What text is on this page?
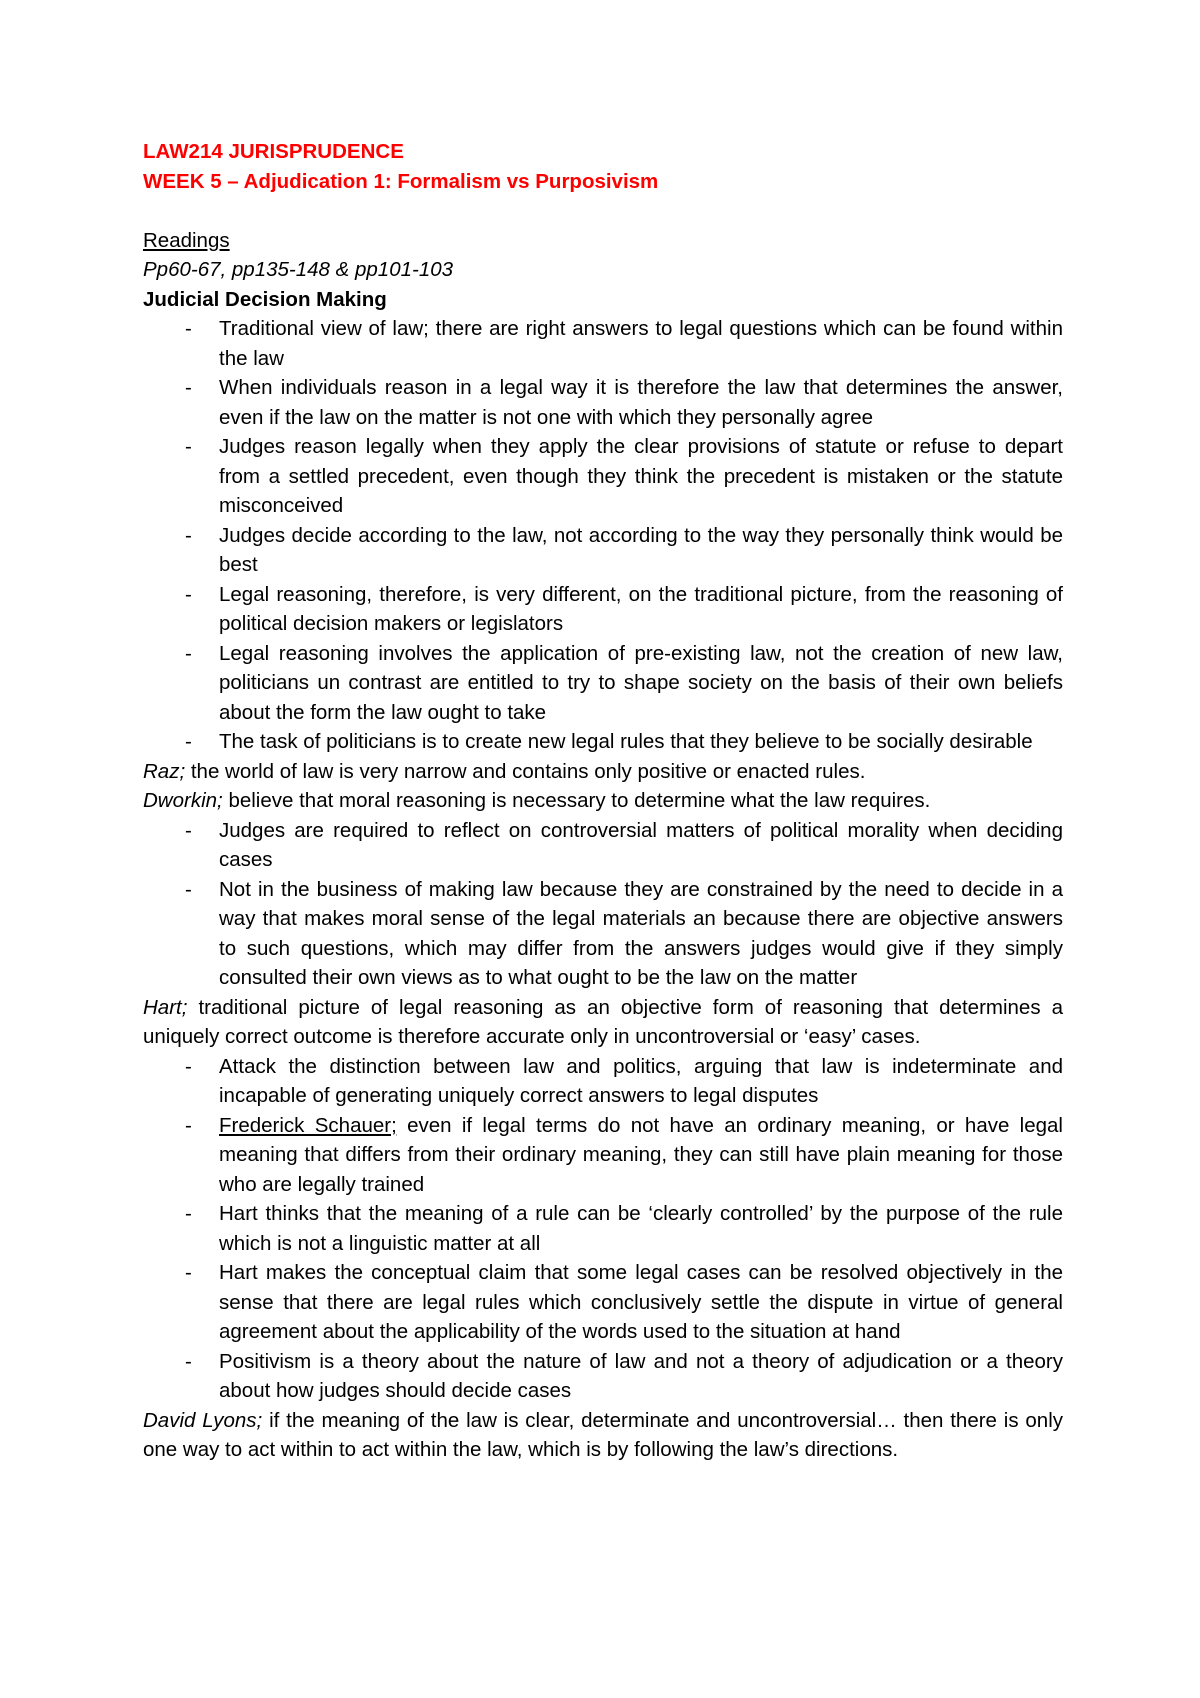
LAW214 JURISPRUDENCE
WEEK 5 – Adjudication 1: Formalism vs Purposivism
Readings
Pp60-67, pp135-148 & pp101-103
Judicial Decision Making
- Traditional view of law; there are right answers to legal questions which can be found within the law
- When individuals reason in a legal way it is therefore the law that determines the answer, even if the law on the matter is not one with which they personally agree
- Judges reason legally when they apply the clear provisions of statute or refuse to depart from a settled precedent, even though they think the precedent is mistaken or the statute misconceived
- Judges decide according to the law, not according to the way they personally think would be best
- Legal reasoning, therefore, is very different, on the traditional picture, from the reasoning of political decision makers or legislators
- Legal reasoning involves the application of pre-existing law, not the creation of new law, politicians un contrast are entitled to try to shape society on the basis of their own beliefs about the form the law ought to take
- The task of politicians is to create new legal rules that they believe to be socially desirable

Raz; the world of law is very narrow and contains only positive or enacted rules.

Dworkin; believe that moral reasoning is necessary to determine what the law requires.

- Judges are required to reflect on controversial matters of political morality when deciding cases
- Not in the business of making law because they are constrained by the need to decide in a way that makes moral sense of the legal materials an because there are objective answers to such questions, which may differ from the answers judges would give if they simply consulted their own views as to what ought to be the law on the matter

Hart; traditional picture of legal reasoning as an objective form of reasoning that determines a uniquely correct outcome is therefore accurate only in uncontroversial or ‘easy’ cases.

- Attack the distinction between law and politics, arguing that law is indeterminate and incapable of generating uniquely correct answers to legal disputes
- Frederick Schauer; even if legal terms do not have an ordinary meaning, or have legal meaning that differs from their ordinary meaning, they can still have plain meaning for those who are legally trained
- Hart thinks that the meaning of a rule can be ‘clearly controlled’ by the purpose of the rule which is not a linguistic matter at all
- Hart makes the conceptual claim that some legal cases can be resolved objectively in the sense that there are legal rules which conclusively settle the dispute in virtue of general agreement about the applicability of the words used to the situation at hand
- Positivism is a theory about the nature of law and not a theory of adjudication or a theory about how judges should decide cases

David Lyons; if the meaning of the law is clear, determinate and uncontroversial… then there is only one way to act within to act within the law, which is by following the law’s directions.
